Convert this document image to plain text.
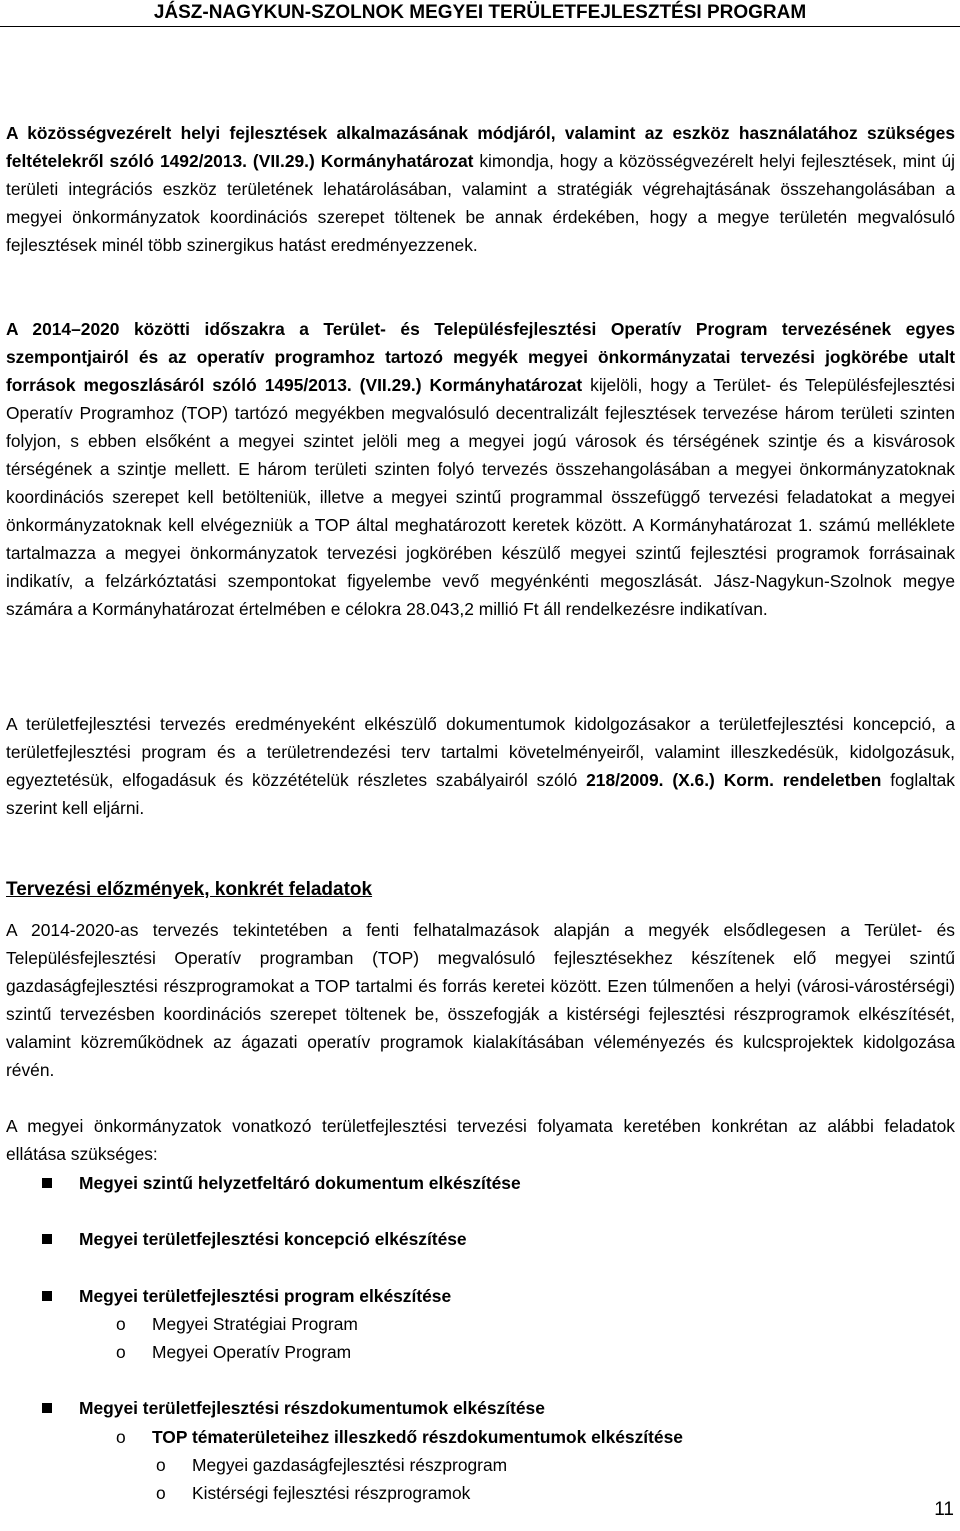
JÁSZ-NAGYKUN-SZOLNOK MEGYEI TERÜLETFEJLESZTÉSI PROGRAM

A közösségvezérelt helyi fejlesztések alkalmazásának módjáról, valamint az eszköz használatához szükséges feltételekről szóló 1492/2013. (VII.29.) Kormányhatározat kimondja, hogy a közösségvezérelt helyi fejlesztések, mint új területi integrációs eszköz területének lehatárolásában, valamint a stratégiák végrehajtásának összehangolásában a megyei önkormányzatok koordinációs szerepet töltenek be annak érdekében, hogy a megye területén megvalósuló fejlesztések minél több szinergikus hatást eredményezzenek.

A 2014–2020 közötti időszakra a Terület- és Településfejlesztési Operatív Program tervezésének egyes szempontjairól és az operatív programhoz tartozó megyék megyei önkormányzatai tervezési jogkörébe utalt források megoszlásáról szóló 1495/2013. (VII.29.) Kormányhatározat kijelöli, hogy a Terület- és Településfejlesztési Operatív Programhoz (TOP) tartózó megyékben megvalósuló decentralizált fejlesztések tervezése három területi szinten folyjon, s ebben elsőként a megyei szintet jelöli meg a megyei jogú városok és térségének szintje és a kisvárosok térségének a szintje mellett. E három területi szinten folyó tervezés összehangolásában a megyei önkormányzatoknak koordinációs szerepet kell betölteniük, illetve a megyei szintű programmal összefüggő tervezési feladatokat a megyei önkormányzatoknak kell elvégezniük a TOP által meghatározott keretek között. A Kormányhatározat 1. számú melléklete tartalmazza a megyei önkormányzatok tervezési jogkörében készülő megyei szintű fejlesztési programok forrásainak indikatív, a felzárkóztatási szempontokat figyelembe vevő megyénkénti megoszlását. Jász-Nagykun-Szolnok megye számára a Kormányhatározat értelmében e célokra 28.043,2 millió Ft áll rendelkezésre indikatívan.

A területfejlesztési tervezés eredményeként elkészülő dokumentumok kidolgozásakor a területfejlesztési koncepció, a területfejlesztési program és a területrendezési terv tartalmi követelményeiről, valamint illeszkedésük, kidolgozásuk, egyeztetésük, elfogadásuk és közzétételük részletes szabályairól szóló 218/2009. (X.6.) Korm. rendeletben foglaltak szerint kell eljárni.

Tervezési előzmények, konkrét feladatok

A 2014-2020-as tervezés tekintetében a fenti felhatalmazások alapján a megyék elsődlegesen a Terület- és Településfejlesztési Operatív programban (TOP) megvalósuló fejlesztésekhez készítenek elő megyei szintű gazdaságfejlesztési részprogramokat a TOP tartalmi és forrás keretei között. Ezen túlmenően a helyi (városi-várostérségi) szintű tervezésben koordinációs szerepet töltenek be, összefogják a kistérségi fejlesztési részprogramok elkészítését, valamint közreműködnek az ágazati operatív programok kialakításában véleményezés és kulcsprojektek kidolgozása révén.

A megyei önkormányzatok vonatkozó területfejlesztési tervezési folyamata keretében konkrétan az alábbi feladatok ellátása szükséges:

Megyei szintű helyzetfeltáró dokumentum elkészítése
Megyei területfejlesztési koncepció elkészítése
Megyei területfejlesztési program elkészítése
o Megyei Stratégiai Program
o Megyei Operatív Program
Megyei területfejlesztési részdokumentumok elkészítése
o TOP tématerületeihez illeszkedő részdokumentumok elkészítése
o Megyei gazdaságfejlesztési részprogram
o Kistérségi fejlesztési részprogramok
11
